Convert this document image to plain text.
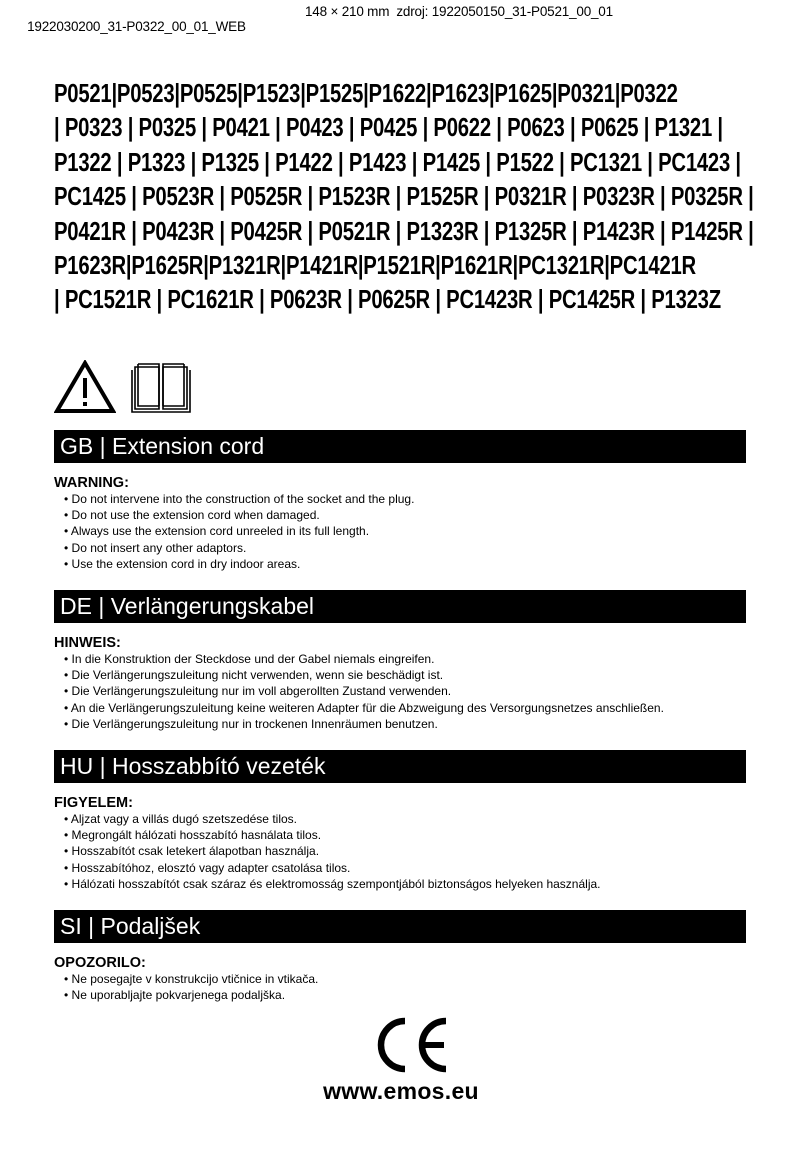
1922030200_31-P0322_00_01_WEB

148 × 210 mm  zdroj: 1922050150_31-P0521_00_01

P0521|P0523|P0525|P1523|P1525|P1622|P1623|P1625|P0321|P0322
| P0323 | P0325 | P0421 | P0423 | P0425 | P0622 | P0623 | P0625 | P1321 |
P1322 | P1323 | P1325 | P1422 | P1423 | P1425 | P1522 | PC1321 | PC1423 |
PC1425 | P0523R | P0525R | P1523R | P1525R | P0321R | P0323R | P0325R |
P0421R | P0423R | P0425R | P0521R | P1323R | P1325R | P1423R | P1425R |
P1623R|P1625R|P1321R|P1421R|P1521R|P1621R|PC1321R|PC1421R
| PC1521R | PC1621R | P0623R | P0625R | PC1423R | PC1425R | P1323Z
GB | Extension cord
WARNING:
• Do not intervene into the construction of the socket and the plug.
• Do not use the extension cord when damaged.
• Always use the extension cord unreeled in its full length.
• Do not insert any other adaptors.
• Use the extension cord in dry indoor areas.
DE | Verlängerungskabel
HINWEIS:
• In die Konstruktion der Steckdose und der Gabel niemals eingreifen.
• Die Verlängerungszuleitung nicht verwenden, wenn sie beschädigt ist.
• Die Verlängerungszuleitung nur im voll abgerollten Zustand verwenden.
• An die Verlängerungszuleitung keine weiteren Adapter für die Abzweigung des Versorgungsnetzes anschließen.
• Die Verlängerungszuleitung nur in trockenen Innenräumen benutzen.
HU | Hosszabbító vezeték
FIGYELEM:
• Aljzat vagy a villás dugó szetszedése tilos.
• Megrongált hálózati hosszabító hasnálata tilos.
• Hosszabítót csak letekert álapotban használja.
• Hosszabítóhoz, elosztó vagy adapter csatolása tilos.
• Hálózati hosszabítót csak száraz és elektromosság szempontjából biztonságos helyeken használja.
SI | Podaljšek
OPOZORILO:
• Ne posegajte v konstrukcijo vtičnice in vtikača.
• Ne uporabljajte pokvarjenega podaljška.
www.emos.eu
